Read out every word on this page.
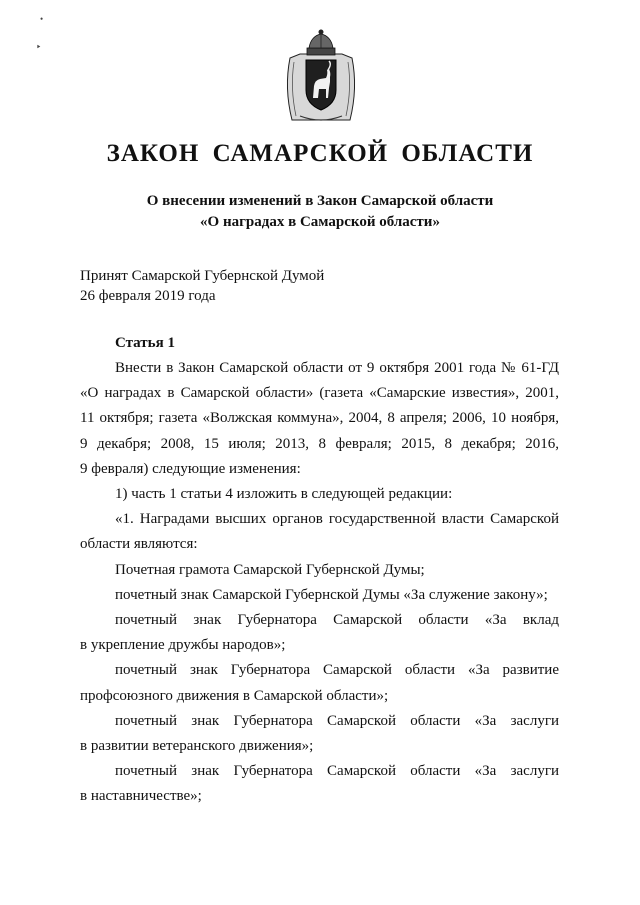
•
‣
ЗАКОН САМАРСКОЙ ОБЛАСТИ
О внесении изменений в Закон Самарской области
«О наградах в Самарской области»
Принят Самарской Губернской Думой
26 февраля 2019 года
Статья 1

Внести в Закон Самарской области от 9 октября 2001 года № 61-ГД

«О наградах в Самарской области» (газета «Самарские известия», 2001,

11 октября; газета «Волжская коммуна», 2004, 8 апреля; 2006, 10 ноября,

9 декабря; 2008, 15 июля; 2013, 8 февраля; 2015, 8 декабря; 2016,

9 февраля) следующие изменения:

1) часть 1 статьи 4 изложить в следующей редакции:

«1. Наградами высших органов государственной власти Самарской

области являются:

Почетная грамота Самарской Губернской Думы;

почетный знак Самарской Губернской Думы «За служение закону»;

почетный знак Губернатора Самарской области «За вклад

в укрепление дружбы народов»;

почетный знак Губернатора Самарской области «За развитие

профсоюзного движения в Самарской области»;

почетный знак Губернатора Самарской области «За заслуги

в развитии ветеранского движения»;

почетный знак Губернатора Самарской области «За заслуги

в наставничестве»;
